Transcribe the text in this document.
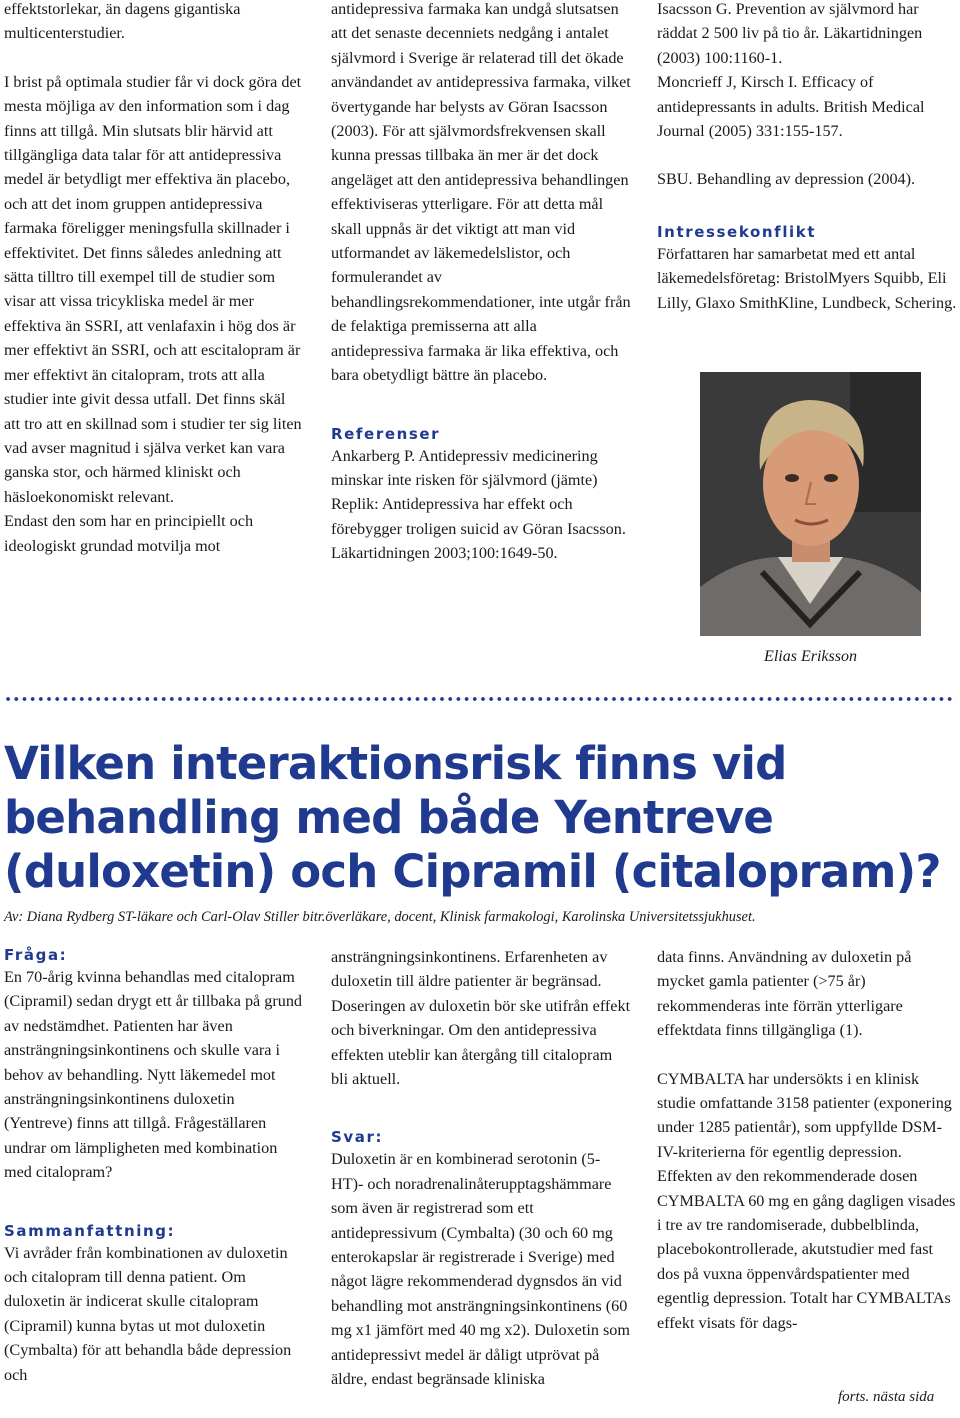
effektstorlekar, än dagens gigantiska multicenterstudier.

I brist på optimala studier får vi dock göra det mesta möjliga av den information som i dag finns att tillgå. Min slutsats blir härvid att tillgängliga data talar för att antidepressiva medel är betydligt mer effektiva än placebo, och att det inom gruppen antidepressiva farmaka föreligger meningsfulla skillnader i effektivitet. Det finns således anledning att sätta tilltro till exempel till de studier som visar att vissa tricykliska medel är mer effektiva än SSRI, att venlafaxin i hög dos är mer effektivt än SSRI, och att escitalopram är mer effektivt än citalopram, trots att alla studier inte givit dessa utfall. Det finns skäl att tro att en skillnad som i studier ter sig liten vad avser magnitud i själva verket kan vara ganska stor, och härmed kliniskt och häsloekonomiskt relevant.

Endast den som har en principiellt och ideologiskt grundad motvilja mot

antidepressiva farmaka kan undgå slutsatsen att det senaste decenniets nedgång i antalet självmord i Sverige är relaterad till det ökade användandet av antidepressiva farmaka, vilket övertygande har belysts av Göran Isacsson (2003). För att självmordsfrekvensen skall kunna pressas tillbaka än mer är det dock angeläget att den antidepressiva behandlingen effektiviseras ytterligare. För att detta mål skall uppnås är det viktigt att man vid utformandet av läkemedelslistor, och formulerandet av behandlingsrekommendationer, inte utgår från de felaktiga premisserna att alla antidepressiva farmaka är lika effektiva, och bara obetydligt bättre än placebo.

Referenser

Ankarberg P. Antidepressiv medicinering minskar inte risken för självmord (jämte) Replik: Antidepressiva har effekt och förebygger troligen suicid av Göran Isacsson. Läkartidningen 2003;100:1649-50.

Isacsson G. Prevention av självmord har räddat 2 500 liv på tio år. Läkartidningen (2003) 100:1160-1.

Moncrieff J, Kirsch I. Efficacy of antidepressants in adults. British Medical Journal (2005) 331:155-157.

SBU. Behandling av depression (2004).

Intressekonflikt

Författaren har samarbetat med ett antal läkemedelsföretag: BristolMyers Squibb, Eli Lilly, Glaxo SmithKline, Lundbeck, Schering.

Elias Eriksson
Vilken interaktionsrisk finns vid behandling med både Yentreve (duloxetin) och Cipramil (citalopram)?
Av: Diana Rydberg ST-läkare och Carl-Olav Stiller bitr.överläkare, docent, Klinisk farmakologi, Karolinska Universitetssjukhuset.
Fråga:

En 70-årig kvinna behandlas med citalopram (Cipramil) sedan drygt ett år tillbaka på grund av nedstämdhet. Patienten har även ansträngningsinkontinens och skulle vara i behov av behandling. Nytt läkemedel mot ansträngningsinkontinens duloxetin (Yentreve) finns att tillgå. Frågeställaren undrar om lämpligheten med kombination med citalopram?

Sammanfattning:

Vi avråder från kombinationen av duloxetin och citalopram till denna patient. Om duloxetin är indicerat skulle citalopram (Cipramil) kunna bytas ut mot duloxetin (Cymbalta) för att behandla både depression och

ansträngningsinkontinens. Erfarenheten av duloxetin till äldre patienter är begränsad. Doseringen av duloxetin bör ske utifrån effekt och biverkningar. Om den antidepressiva effekten uteblir kan återgång till citalopram bli aktuell.

Svar:

Duloxetin är en kombinerad serotonin (5-HT)- och noradrenalinåterupptagshämmare som även är registrerad som ett antidepressivum (Cymbalta) (30 och 60 mg enterokapslar är registrerade i Sverige) med något lägre rekommenderad dygnsdos än vid behandling mot ansträngningsinkontinens (60 mg x1 jämfört med 40 mg x2). Duloxetin som antidepressivt medel är dåligt utprövat på äldre, endast begränsade kliniska

data finns. Användning av duloxetin på mycket gamla patienter (>75 år) rekommenderas inte förrän ytterligare effektdata finns tillgängliga (1).

CYMBALTA har undersökts i en klinisk studie omfattande 3158 patienter (exponering under 1285 patientår), som uppfyllde DSM-IV-kriterierna för egentlig depression. Effekten av den rekommenderade dosen CYMBALTA 60 mg en gång dagligen visades i tre av tre randomiserade, dubbelblinda, placebokontrollerade, akutstudier med fast dos på vuxna öppenvårdspatienter med egentlig depression. Totalt har CYMBALTAs effekt visats för dags-

forts. nästa sida
